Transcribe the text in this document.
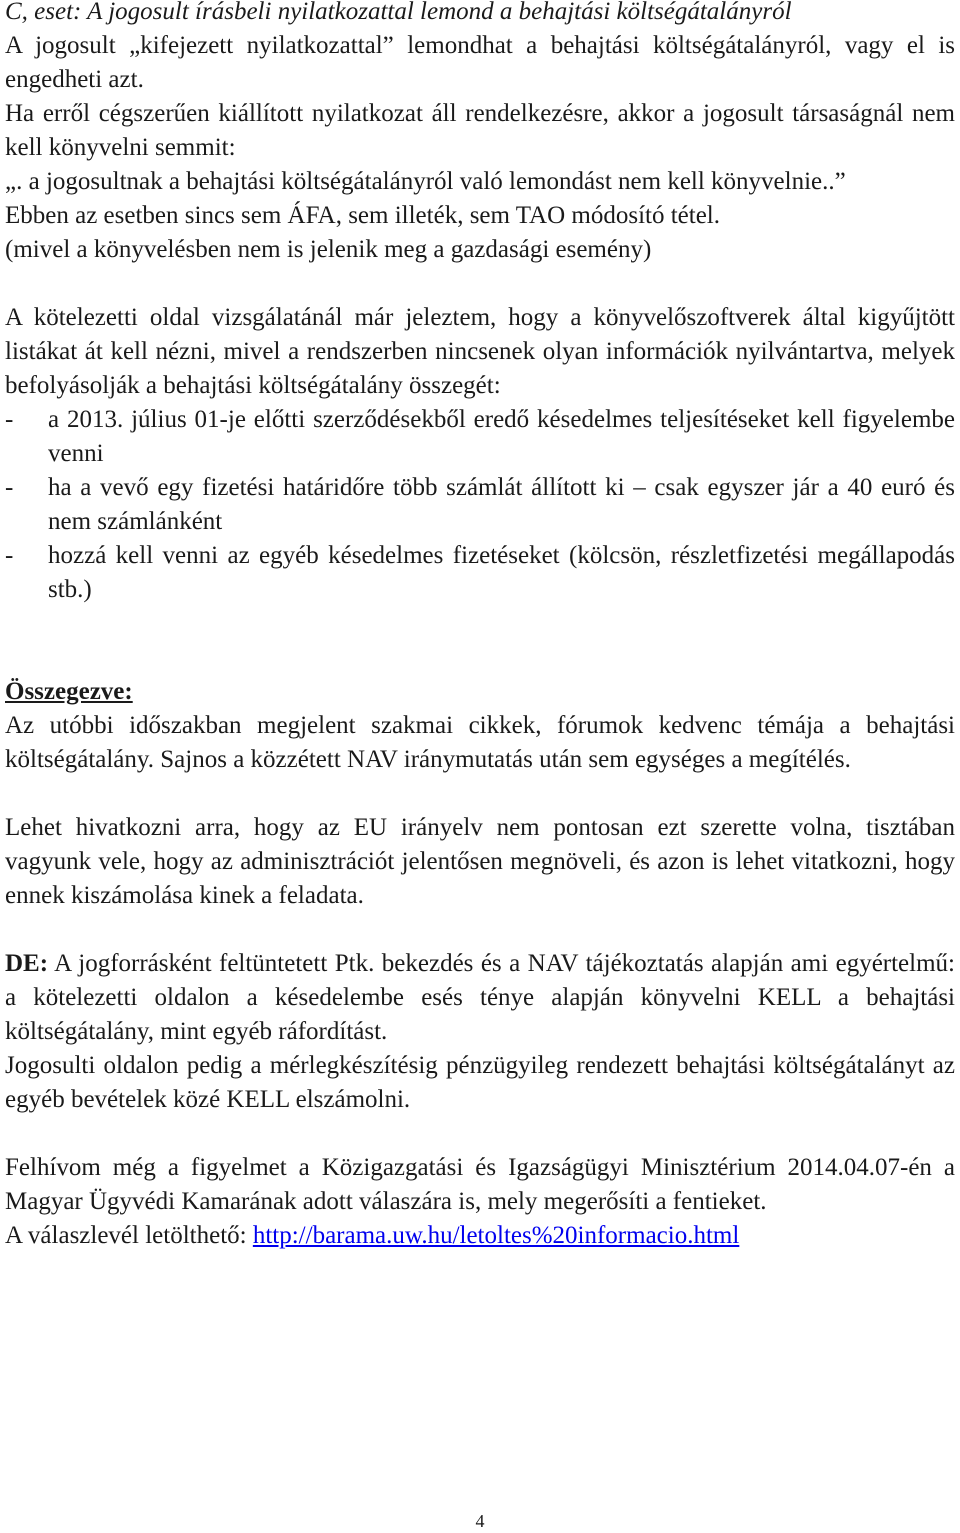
C, eset: A jogosult írásbeli nyilatkozattal lemond a behajtási költségátalányról

A jogosult „kifejezett nyilatkozattal” lemondhat a behajtási költségátalányról, vagy el is engedheti azt.

Ha erről cégszerűen kiállított nyilatkozat áll rendelkezésre, akkor a jogosult társaságnál nem kell könyvelni semmit:

„. a jogosultnak a behajtási költségátalányról való lemondást nem kell könyvelnie..”

Ebben az esetben sincs sem ÁFA, sem illeték, sem TAO módosító tétel.

(mivel a könyvelésben nem is jelenik meg a gazdasági esemény)

A kötelezetti oldal vizsgálatánál már jeleztem, hogy a könyvelőszoftverek által kigyűjtött listákat át kell nézni, mivel a rendszerben nincsenek olyan információk nyilvántartva, melyek befolyásolják a behajtási költségátalány összegét:

-	a 2013. július 01-je előtti szerződésekből eredő késedelmes teljesítéseket kell figyelembe venni
-	ha a vevő egy fizetési határidőre több számlát állított ki – csak egyszer jár a 40 euró és nem számlánként
-	hozzá kell venni az egyéb késedelmes fizetéseket (kölcsön, részletfizetési megállapodás stb.)

Összegezve:

Az utóbbi időszakban megjelent szakmai cikkek, fórumok kedvenc témája a behajtási költségátalány. Sajnos a közzétett NAV iránymutatás után sem egységes a megítélés.

Lehet hivatkozni arra, hogy az EU irányelv nem pontosan ezt szerette volna, tisztában vagyunk vele, hogy az adminisztrációt jelentősen megnöveli, és azon is lehet vitatkozni, hogy ennek kiszámolása kinek a feladata.

DE: A jogforrásként feltüntetett Ptk. bekezdés és a NAV tájékoztatás alapján ami egyértelmű: a kötelezetti oldalon a késedelembe esés ténye alapján könyvelni KELL a behajtási költségátalány, mint egyéb ráfordítást.

Jogosulti oldalon pedig a mérlegkészítésig pénzügyileg rendezett behajtási költségátalányt az egyéb bevételek közé KELL elszámolni.

Felhívom még a figyelmet a Közigazgatási és Igazságügyi Minisztérium 2014.04.07-én a Magyar Ügyvédi Kamarának adott válaszára is, mely megerősíti a fentieket.

A válaszlevél letölthető: http://barama.uw.hu/letoltes%20informacio.html

4
